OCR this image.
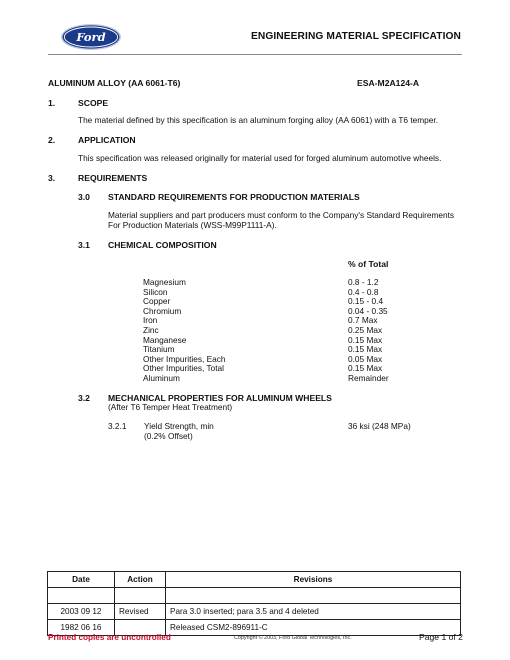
Ford	ENGINEERING MATERIAL SPECIFICATION
ALUMINUM ALLOY (AA 6061-T6)	ESA-M2A124-A
1.	SCOPE
The material defined by this specification is an aluminum forging alloy (AA 6061) with a T6 temper.
2.	APPLICATION
This specification was released originally for material used for forged aluminum automotive wheels.
3.	REQUIREMENTS
3.0 STANDARD REQUIREMENTS FOR PRODUCTION MATERIALS
Material suppliers and part producers must conform to the Company's Standard Requirements
For Production Materials (WSS-M99P1111-A).
3.1 CHEMICAL COMPOSITION
% of Total
Magnesium	0.8 - 1.2
Silicon	0.4 - 0.8
Copper	0.15 - 0.4
Chromium	0.04 - 0.35
Iron	0.7 Max
Zinc	0.25 Max
Manganese	0.15 Max
Titanium	0.15 Max
Other Impurities, Each	0.05 Max
Other Impurities, Total	0.15 Max
Aluminum	Remainder
3.2 MECHANICAL PROPERTIES FOR ALUMINUM WHEELS
(After T6 Temper Heat Treatment)
3.2.1 Yield Strength, min
(0.2% Offset)
36 ksi (248 MPa)
Date	Action	Revisions

2003 09 12	Revised	Para 3.0 inserted; para 3.5 and 4 deleted
1982 06 16		Released CSM2-896911-C
Printed copies are uncontrolled	Copyright © 2003, Ford Global Technologies, Inc.	Page 1 of 2
